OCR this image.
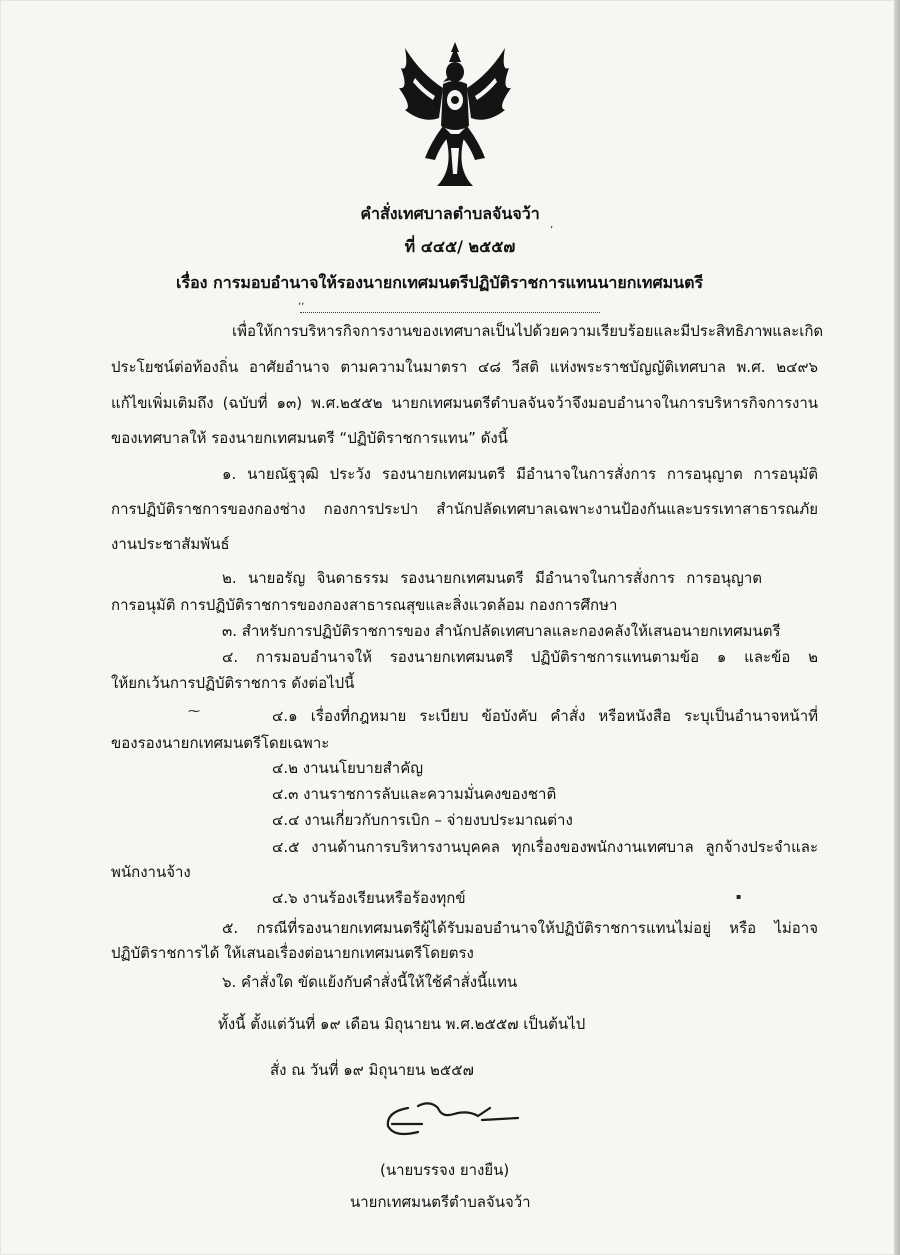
คำสั่งเทศบาลตำบลจันจว้า
’
ที่ ๔๔๕/ ๒๕๕๗
เรื่อง การมอบอำนาจให้รองนายกเทศมนตรีปฏิบัติราชการแทนนายกเทศมนตรี
,,
เพื่อให้การบริหารกิจการงานของเทศบาลเป็นไปด้วยความเรียบร้อยและมีประสิทธิภาพและเกิด
ประโยชน์ต่อท้องถิ่น อาศัยอำนาจ ตามความในมาตรา ๔๘ วีสติ แห่งพระราชบัญญัติเทศบาล พ.ศ. ๒๔๙๖
แก้ไขเพิ่มเติมถึง (ฉบับที่ ๑๓) พ.ศ.๒๕๕๒ นายกเทศมนตรีตำบลจันจว้าจึงมอบอำนาจในการบริหารกิจการงาน
ของเทศบาลให้ รองนายกเทศมนตรี “ปฏิบัติราชการแทน” ดังนี้
๑. นายณัฐวุฒิ ประวัง รองนายกเทศมนตรี มีอำนาจในการสั่งการ การอนุญาต การอนุมัติ
การปฏิบัติราชการของกองช่าง กองการประปา สำนักปลัดเทศบาลเฉพาะงานป้องกันและบรรเทาสาธารณภัย
งานประชาสัมพันธ์
๒. นายอรัญ จินดาธรรม รองนายกเทศมนตรี มีอำนาจในการสั่งการ การอนุญาต
การอนุมัติ การปฏิบัติราชการของกองสาธารณสุขและสิ่งแวดล้อม กองการศึกษา
๓. สำหรับการปฏิบัติราชการของ สำนักปลัดเทศบาลและกองคลังให้เสนอนายกเทศมนตรี
๔. การมอบอำนาจให้ รองนายกเทศมนตรี ปฏิบัติราชการแทนตามข้อ ๑ และข้อ ๒
ให้ยกเว้นการปฏิบัติราชการ ดังต่อไปนี้
⁓	๔.๑ เรื่องที่กฎหมาย ระเบียบ ข้อบังคับ คำสั่ง หรือหนังสือ ระบุเป็นอำนาจหน้าที่
ของรองนายกเทศมนตรีโดยเฉพาะ
๔.๒ งานนโยบายสำคัญ
๔.๓ งานราชการลับและความมั่นคงของชาติ
๔.๔ งานเกี่ยวกับการเบิก – จ่ายงบประมาณต่าง
๔.๕ งานด้านการบริหารงานบุคคล ทุกเรื่องของพนักงานเทศบาล ลูกจ้างประจำและ
พนักงานจ้าง
๔.๖ งานร้องเรียนหรือร้องทุกข์	▪
๕. กรณีที่รองนายกเทศมนตรีผู้ได้รับมอบอำนาจให้ปฏิบัติราชการแทนไม่อยู่ หรือ ไม่อาจ
ปฏิบัติราชการได้ ให้เสนอเรื่องต่อนายกเทศมนตรีโดยตรง
๖. คำสั่งใด ขัดแย้งกับคำสั่งนี้ให้ใช้คำสั่งนี้แทน
ทั้งนี้ ตั้งแต่วันที่ ๑๙ เดือน มิถุนายน พ.ศ.๒๕๕๗ เป็นต้นไป
สั่ง ณ วันที่ ๑๙ มิถุนายน ๒๕๕๗
(นายบรรจง ยางยืน)
นายกเทศมนตรีตำบลจันจว้า
